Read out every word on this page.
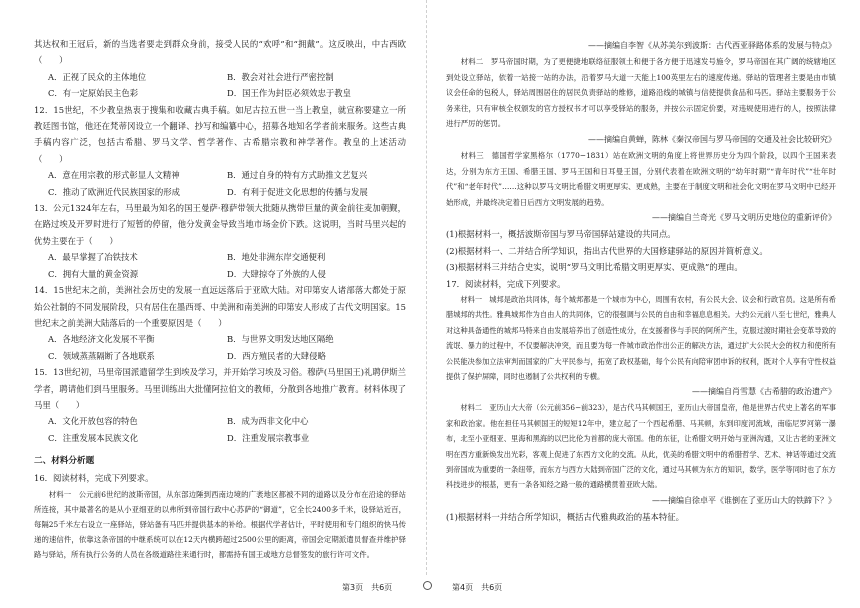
其达权和王冠后，新的当选者要走到群众身前，接受人民的“欢呼”和“拥戴”。这反映出，中古西欧（　　）

A．正视了民众的主体地位	B．教会对社会进行严密控制
C．有一定原始民主色彩	D．国王作为封臣必须效忠于教皇

12．15世纪，不少教皇热衷于搜集和收藏古典手稿。如尼古拉五世一当上教皇，就宣称要建立一所教廷图书馆，他还在梵蒂冈设立一个翻译、抄写和编纂中心，招募各地知名学者前来服务。这些古典手稿内容广泛，包括古希腊、罗马文学、哲学著作、古希腊宗教和神学著作。教皇的上述活动（　　）

A．意在用宗教的形式彰显人文精神	B．通过自身的特有方式助推文艺复兴
C．推动了欧洲近代民族国家的形成	D．有利于促进文化思想的传播与发展

13．公元1324年左右，马里最为知名的国王曼萨·穆萨带领大批随从携带巨量的黄金前往麦加朝觐，在路过埃及开罗时进行了短暂的停留，他分发黄金导致当地市场金价下跌。这说明，当时马里兴起的优势主要在于（　　）

A．最早掌握了冶铁技术	B．地处非洲东岸交通便利
C．拥有大量的黄金资源	D．大肆掠夺了外族的人侵

14．15世纪末之前，美洲社会历史的发展一直远远落后于亚欧大陆。对印第安人诸部落大都处于原始公社制的不同发展阶段，只有居住在墨西哥、中美洲和南美洲的印第安人形成了古代文明国家。15世纪末之前美洲大陆落后的一个重要原因是（　　）

A．各地经济文化发展不平衡	B．与世界文明发达地区隔绝
C．领域蒸蒸隔断了各地联系	D．西方殖民者的大肆侵略

15．13世纪初，马里帝国派遣留学生到埃及学习，并开始学习埃及习俗。穆萨(马里国王)礼聘伊斯兰学者，聘请他们到马里服务。马里训练出大批懂阿拉伯文的教师，分散到各地推广教育。材料体现了马里（　　）

A．文化开放包容的特色	B．成为西非文化中心
C．注重发展本民族文化	D．注重发展宗教事业

二、材料分析题

16．阅读材料，完成下列要求。

材料一　公元前6世纪的波斯帝国，从东部边陲到西南边境的广袤地区都被不同的道路以及分布在沿途的驿站所连接，其中最著名的是从小亚细亚的以弗所到帝国行政中心苏萨的“御道”，它全长2400多千米，设驿站近百，每隔25千米左右设立一座驿站，驿站备有马匹并提供基本的补给。根据代学者估计，平时使用和专门组织的快马传递的速信件，依靠这条帝国的中继系统可以在12天内横跨超过2500公里的距离，帝国会定期派遣员督查并维护驿路与驿站，所有执行公务的人员在各级道路往来通行时，都需持有国王或地方总督签发的旅行许可文件。

——摘编自李智《从苏美尔到波斯：古代西亚驿路体系的发展与特点》

材料二　罗马帝国时期，为了更便捷地联络征服领土和便于各方便于迅速发号施令，罗马帝国在其广阔的统辖地区到处设立驿站，依着一站接一站的办法，沿着罗马大道一天能上100英里左右的速度传递。驿站的管理者主要是由市镇议会任命的包税人，驿站周围居住的居民负责驿站的维修，道路沿线的城镇与信使提供食品和马匹。驿站主要服务于公务来往，只有审核全权颁发的官方授权书才可以享受驿站的服务，并按公示固定价要，对违规使用进行的人，按照法律进行严厉的惩罚。

——摘编自黄蝉，陈林《秦汉帝国与罗马帝国的交通及社会比较研究》

材料三　德国哲学家黑格尔（1770−1831）站在欧洲文明的角度上将世界历史分为四个阶段，以四个王国来表达，分别为东方王国、希腊王国、罗马王国和日耳曼王国，分别代表着在欧洲文明的“幼年时期”“青年时代”“壮年时代”和“老年时代”……这种以罗马文明比希腊文明更厚实、更成熟，主要在于制度文明和社会化文明在罗马文明中已经开始形成，并最终决定着日后西方文明发展的趋势。

——摘编自兰奇光《罗马文明历史地位的重新评价》

(1)根据材料一，概括波斯帝国与罗马帝国驿站建设的共同点。

(2)根据材料一、二并结合所学知识，指出古代世界的大国修建驿站的原因并简析意义。

(3)根据材料三并结合史实，说明“罗马文明比希腊文明更厚实、更成熟”的理由。

17．阅读材料，完成下列要求。

材料一　城邦是政治共同体，每个城邦都是一个城市为中心，周围有农村，有公民大会、议会和行政官员。这是所有希腊城邦的共性。雅典城邦作为自由人的共同体，它的很强调与公民的自由和幸福息息相关。大约公元前八至七世纪，雅典人对这种具备通性的城邦马特来自由发展培养出了创造性成分，在支援奢侈与手民的阿所产生，克服过渡时期社会变革导致的流氓、暴力的过程中，不仅要解决冲突，而且要为每一件城市政治作出公正的解决方法，通过扩大公民大会的权力和使所有公民能决参加立法审判而国家的广大平民参与，拓宽了政权基础，每个公民有向陪审团申诉的权利，既对个人享有守性权益提供了保护屏障，同时也遏制了公共权利的专横。

——摘编自肖雪慧《古希腊的政治遗产》

材料二　亚历山大大帝（公元前356−前323），是古代马其顿国王，亚历山大帝国皇帝，他是世界古代史上著名的军事家和政治家。他在担任马其顿国王的短短12年中，建立起了一个西起希腊、马其顿，东到印度河流域，南临尼罗河第一瀑布，北至小亚细亚、里海和黑海的以巴比伦为首都的庞大帝国。他的东征，让希腊文明开始与亚洲沟通，又让古老的亚洲文明在西方重新焕发出光彩，客观上促进了东西方文化的交流。从此，优美的希腊文明中的希腊哲学、艺术、神话等通过交流到帝国成为重要的一条纽带，而东方与西方大陆到帝国广泛的文化，通过马其顿为东方的知识，数学，医学等同时也了东方科技进步的根基，更有一条各知经之路一般的通路横贯着亚欧大陆。

——摘编自徐卓平《谁倒在了亚历山大的铁蹄下？》

(1)根据材料一并结合所学知识，概括古代雅典政治的基本特征。

第3页　共6页	第4页　共6页
